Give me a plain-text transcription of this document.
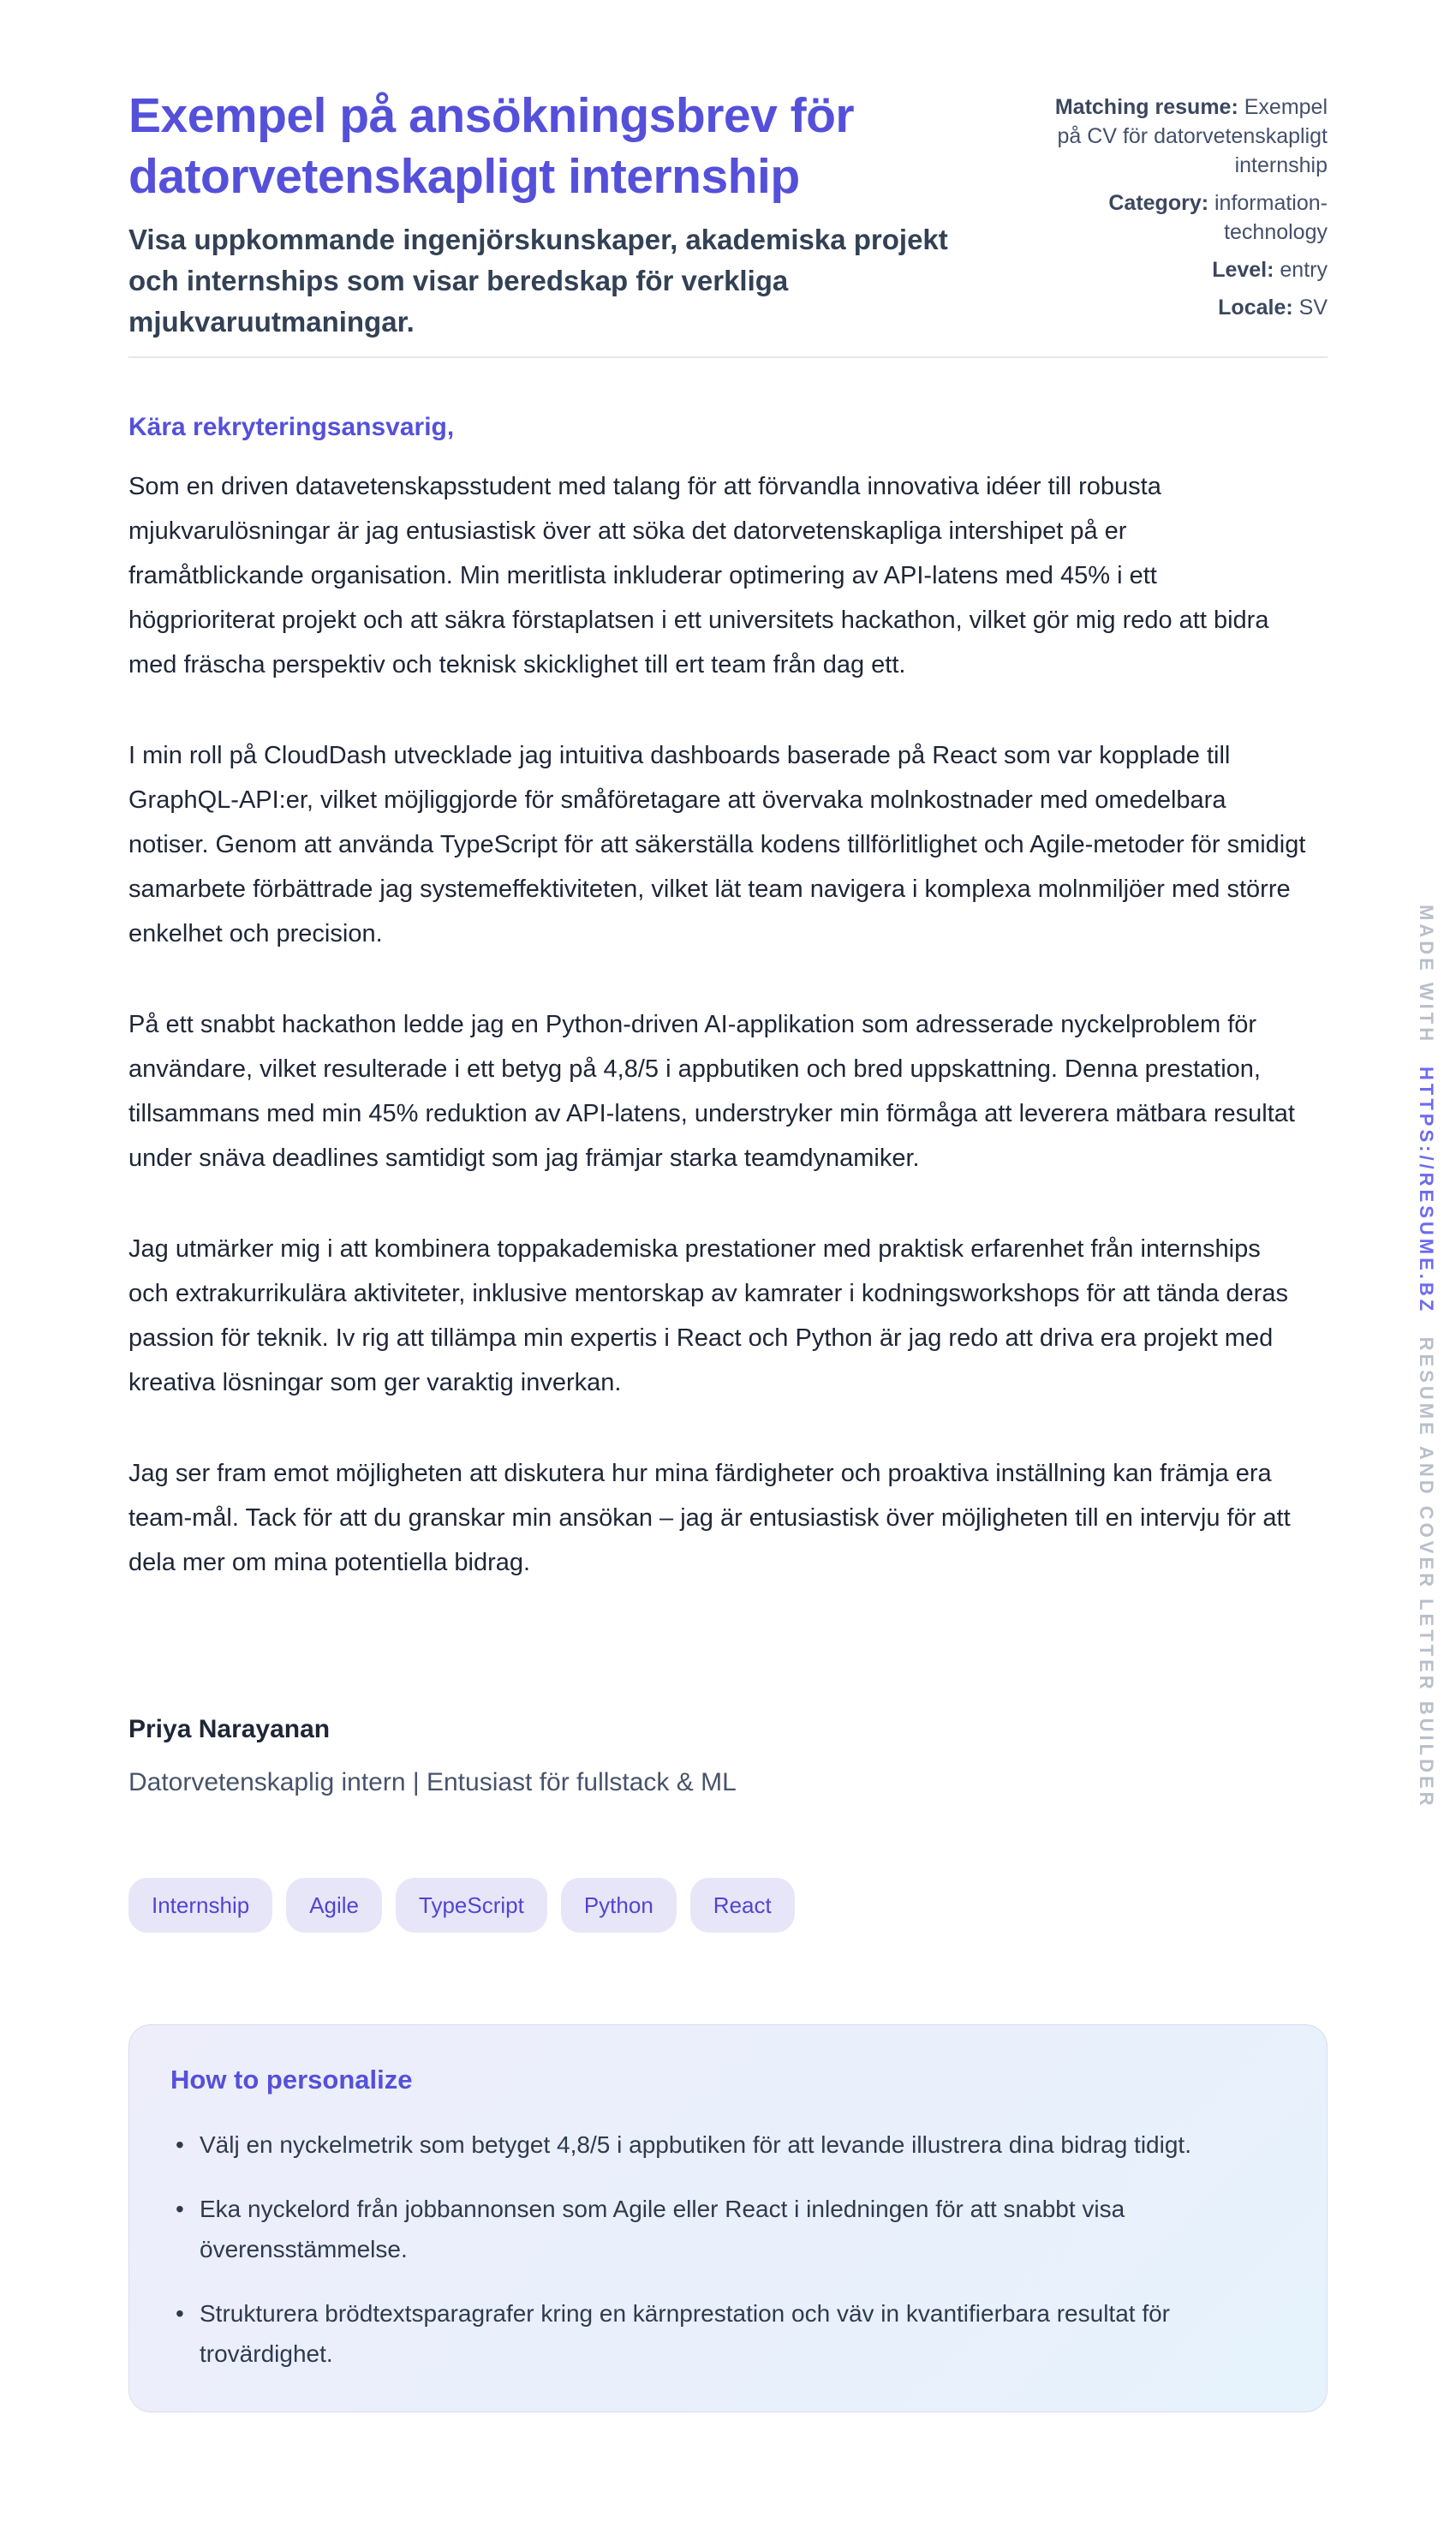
Exempel på ansökningsbrev för datorvetenskapligt internship

Visa uppkommande ingenjörskunskaper, akademiska projekt och internships som visar beredskap för verkliga mjukvaruutmaningar.

Matching resume: Exempel på CV för datorvetenskapligt internship
Category: information-technology
Level: entry
Locale: SV

Kära rekryteringsansvarig,

Som en driven datavetenskapsstudent med talang för att förvandla innovativa idéer till robusta mjukvarulösningar är jag entusiastisk över att söka det datorvetenskapliga intershipet på er framåtblickande organisation. Min meritlista inkluderar optimering av API-latens med 45% i ett högprioriterat projekt och att säkra förstaplatsen i ett universitets hackathon, vilket gör mig redo att bidra med fräscha perspektiv och teknisk skicklighet till ert team från dag ett.

I min roll på CloudDash utvecklade jag intuitiva dashboards baserade på React som var kopplade till GraphQL-API:er, vilket möjliggjorde för småföretagare att övervaka molnkostnader med omedelbara notiser. Genom att använda TypeScript för att säkerställa kodens tillförlitlighet och Agile-metoder för smidigt samarbete förbättrade jag systemeffektiviteten, vilket lät team navigera i komplexa molnmiljöer med större enkelhet och precision.

På ett snabbt hackathon ledde jag en Python-driven AI-applikation som adresserade nyckelproblem för användare, vilket resulterade i ett betyg på 4,8/5 i appbutiken och bred uppskattning. Denna prestation, tillsammans med min 45% reduktion av API-latens, understryker min förmåga att leverera mätbara resultat under snäva deadlines samtidigt som jag främjar starka teamdynamiker.

Jag utmärker mig i att kombinera toppakademiska prestationer med praktisk erfarenhet från internships och extrakurrikulära aktiviteter, inklusive mentorskap av kamrater i kodningsworkshops för att tända deras passion för teknik. Iv rig att tillämpa min expertis i React och Python är jag redo att driva era projekt med kreativa lösningar som ger varaktig inverkan.

Jag ser fram emot möjligheten att diskutera hur mina färdigheter och proaktiva inställning kan främja era team-mål. Tack för att du granskar min ansökan – jag är entusiastisk över möjligheten till en intervju för att dela mer om mina potentiella bidrag.

Priya Narayanan
Datorvetenskaplig intern | Entusiast för fullstack & ML
Internship	Agile	TypeScript	Python	React
How to personalize
• Välj en nyckelmetrik som betyget 4,8/5 i appbutiken för att levande illustrera dina bidrag tidigt.
• Eka nyckelord från jobbannonsen som Agile eller React i inledningen för att snabbt visa överensstämmelse.
• Strukturera brödtextsparagrafer kring en kärnprestation och väv in kvantifierbara resultat för trovärdighet.
MADE WITH HTTPS://RESUME.BZ RESUME AND COVER LETTER BUILDER
